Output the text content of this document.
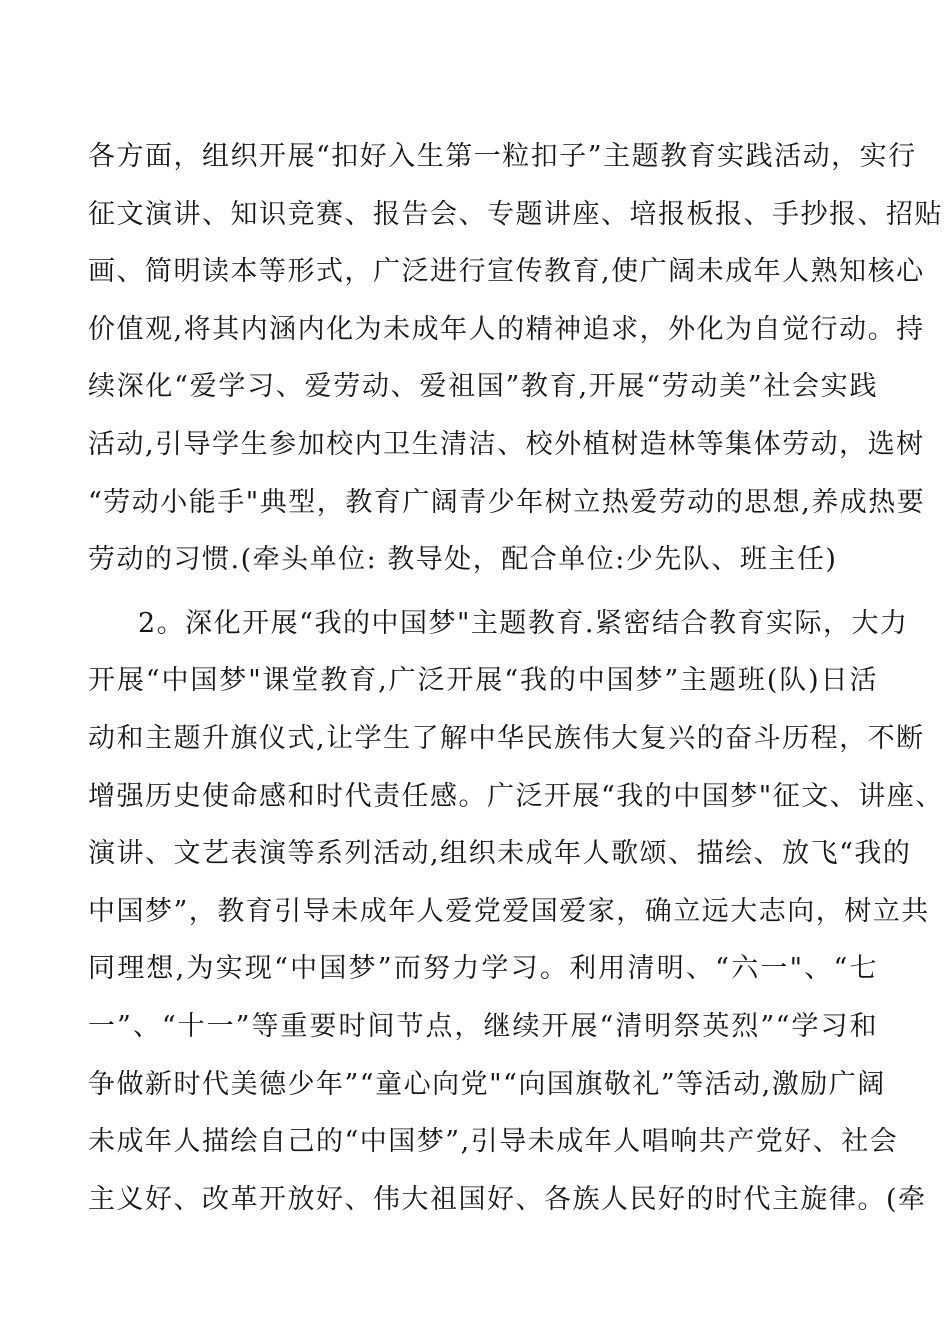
各方面，组织开展“扣好入生第一粒扣子”主题教育实践活动，实行
征文演讲、知识竞赛、报告会、专题讲座、培报板报、手抄报、招贴
画、简明读本等形式，广泛进行宣传教育,使广阔未成年人熟知核心
价值观,将其内涵内化为未成年人的精神追求，外化为自觉行动。持
续深化“爱学习、爱劳动、爱祖国”教育,开展“劳动美”社会实践
活动,引导学生参加校内卫生清洁、校外植树造林等集体劳动，选树
“劳动小能手"典型，教育广阔青少年树立热爱劳动的思想,养成热要
劳动的习惯.(牵头单位: 教导处，配合单位:少先队、班主任)
2。深化开展“我的中国梦"主题教育.紧密结合教育实际，大力
开展“中国梦"课堂教育,广泛开展“我的中国梦”主题班(队)日活
动和主题升旗仪式,让学生了解中华民族伟大复兴的奋斗历程，不断
增强历史使命感和时代责任感。广泛开展“我的中国梦"征文、讲座、
演讲、文艺表演等系列活动,组织未成年人歌颂、描绘、放飞“我的
中国梦”，教育引导未成年人爱党爱国爱家，确立远大志向，树立共
同理想,为实现“中国梦”而努力学习。利用清明、“六一"、“七
一”、“十一”等重要时间节点，继续开展“清明祭英烈”“学习和
争做新时代美德少年”“童心向党"“向国旗敬礼”等活动,激励广阔
未成年人描绘自己的“中国梦”,引导未成年人唱响共产党好、社会
主义好、改革开放好、伟大祖国好、各族人民好的时代主旋律。(牵
